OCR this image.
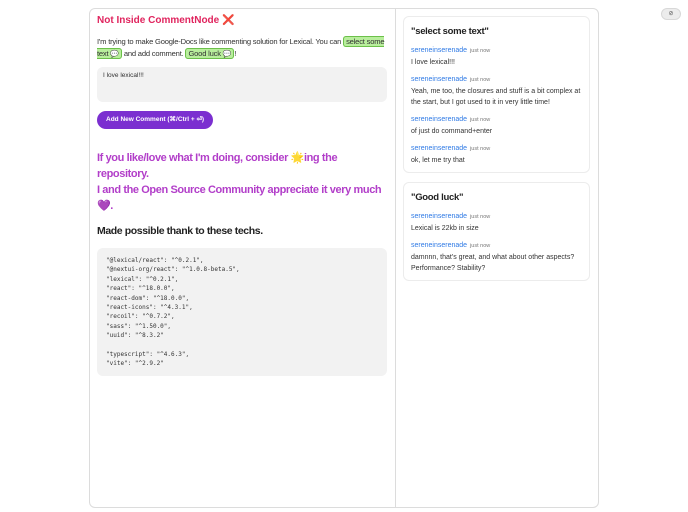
⊘
Not Inside CommentNode ❌
I'm trying to make Google-Docs like commenting solution for Lexical. You can select some text 💬 and add comment. Good luck 💬 !
I love lexical!!!
Add New Comment (⌘/Ctrl + ⏎)
If you like/love what I'm doing, consider 🌟ing the repository.
I and the Open Source Community appreciate it very much 💜.
Made possible thank to these techs.
"@lexical/react": "^0.2.1",
"@nextui-org/react": "^1.0.8-beta.5",
"lexical": "^0.2.1",
"react": "^18.0.0",
"react-dom": "^18.0.0",
"react-icons": "^4.3.1",
"recoil": "^0.7.2",
"sass": "^1.50.0",
"uuid": "^8.3.2"

"typescript": "^4.6.3",
"vite": "^2.9.2"
"select some text"
sereneinserenade just now
I love lexical!!!
sereneinserenade just now
Yeah, me too, the closures and stuff is a bit complex at the start, but I got used to it in very little time!
sereneinserenade just now
of just do command+enter
sereneinserenade just now
ok, let me try that
"Good luck"
sereneinserenade just now
Lexical is 22kb in size
sereneinserenade just now
damnnn, that's great, and what about other aspects? Performance? Stability?
